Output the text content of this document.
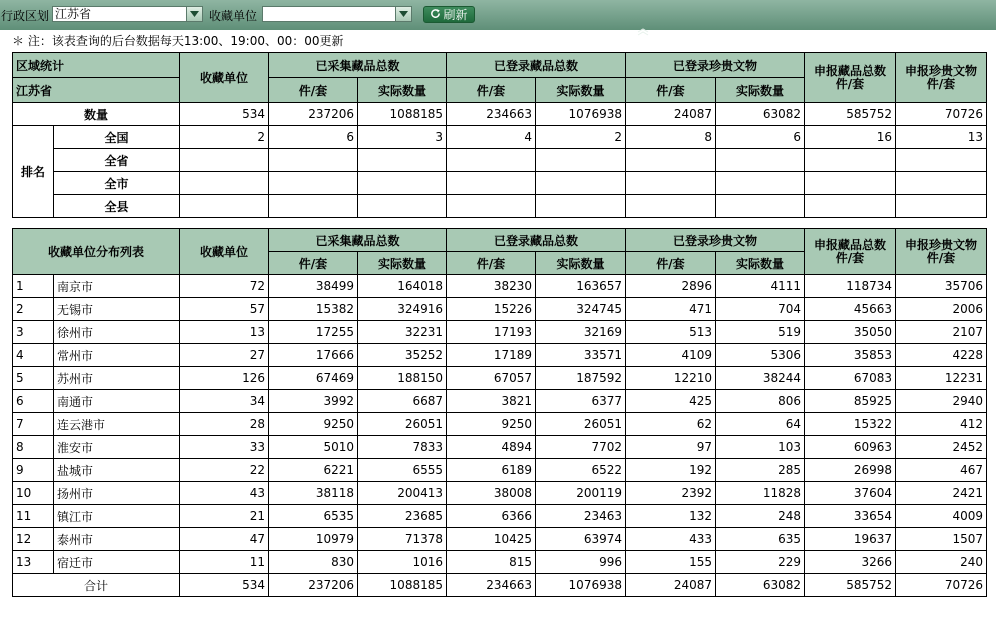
行政区划 江苏省	收藏单位	刷新
＊ 注：该表查询的后台数据每天13:00、19:00、00：00更新
区域统计		收藏单位	已采集藏品总数		已登录藏品总数		已登录珍贵文物		申报藏品总数件/套	申报珍贵文物件/套
江苏省			件/套	实际数量	件/套	实际数量	件/套	实际数量		
数量		534	237206	1088185	234663	1076938	24087	63082	585752	70726
排名	全国	2	6	3	4	2	8	6	16	13
	全省									
	全市									
	全县									
收藏单位分布列表		收藏单位	已采集藏品总数		已登录藏品总数		已登录珍贵文物		申报藏品总数件/套	申报珍贵文物件/套
			件/套	实际数量	件/套	实际数量	件/套	实际数量		
1	南京市	72	38499	164018	38230	163657	2896	4111	118734	35706
2	无锡市	57	15382	324916	15226	324745	471	704	45663	2006
3	徐州市	13	17255	32231	17193	32169	513	519	35050	2107
4	常州市	27	17666	35252	17189	33571	4109	5306	35853	4228
5	苏州市	126	67469	188150	67057	187592	12210	38244	67083	12231
6	南通市	34	3992	6687	3821	6377	425	806	85925	2940
7	连云港市	28	9250	26051	9250	26051	62	64	15322	412
8	淮安市	33	5010	7833	4894	7702	97	103	60963	2452
9	盐城市	22	6221	6555	6189	6522	192	285	26998	467
10	扬州市	43	38118	200413	38008	200119	2392	11828	37604	2421
11	镇江市	21	6535	23685	6366	23463	132	248	33654	4009
12	泰州市	47	10979	71378	10425	63974	433	635	19637	1507
13	宿迁市	11	830	1016	815	996	155	229	3266	240
合计		534	237206	1088185	234663	1076938	24087	63082	585752	70726
